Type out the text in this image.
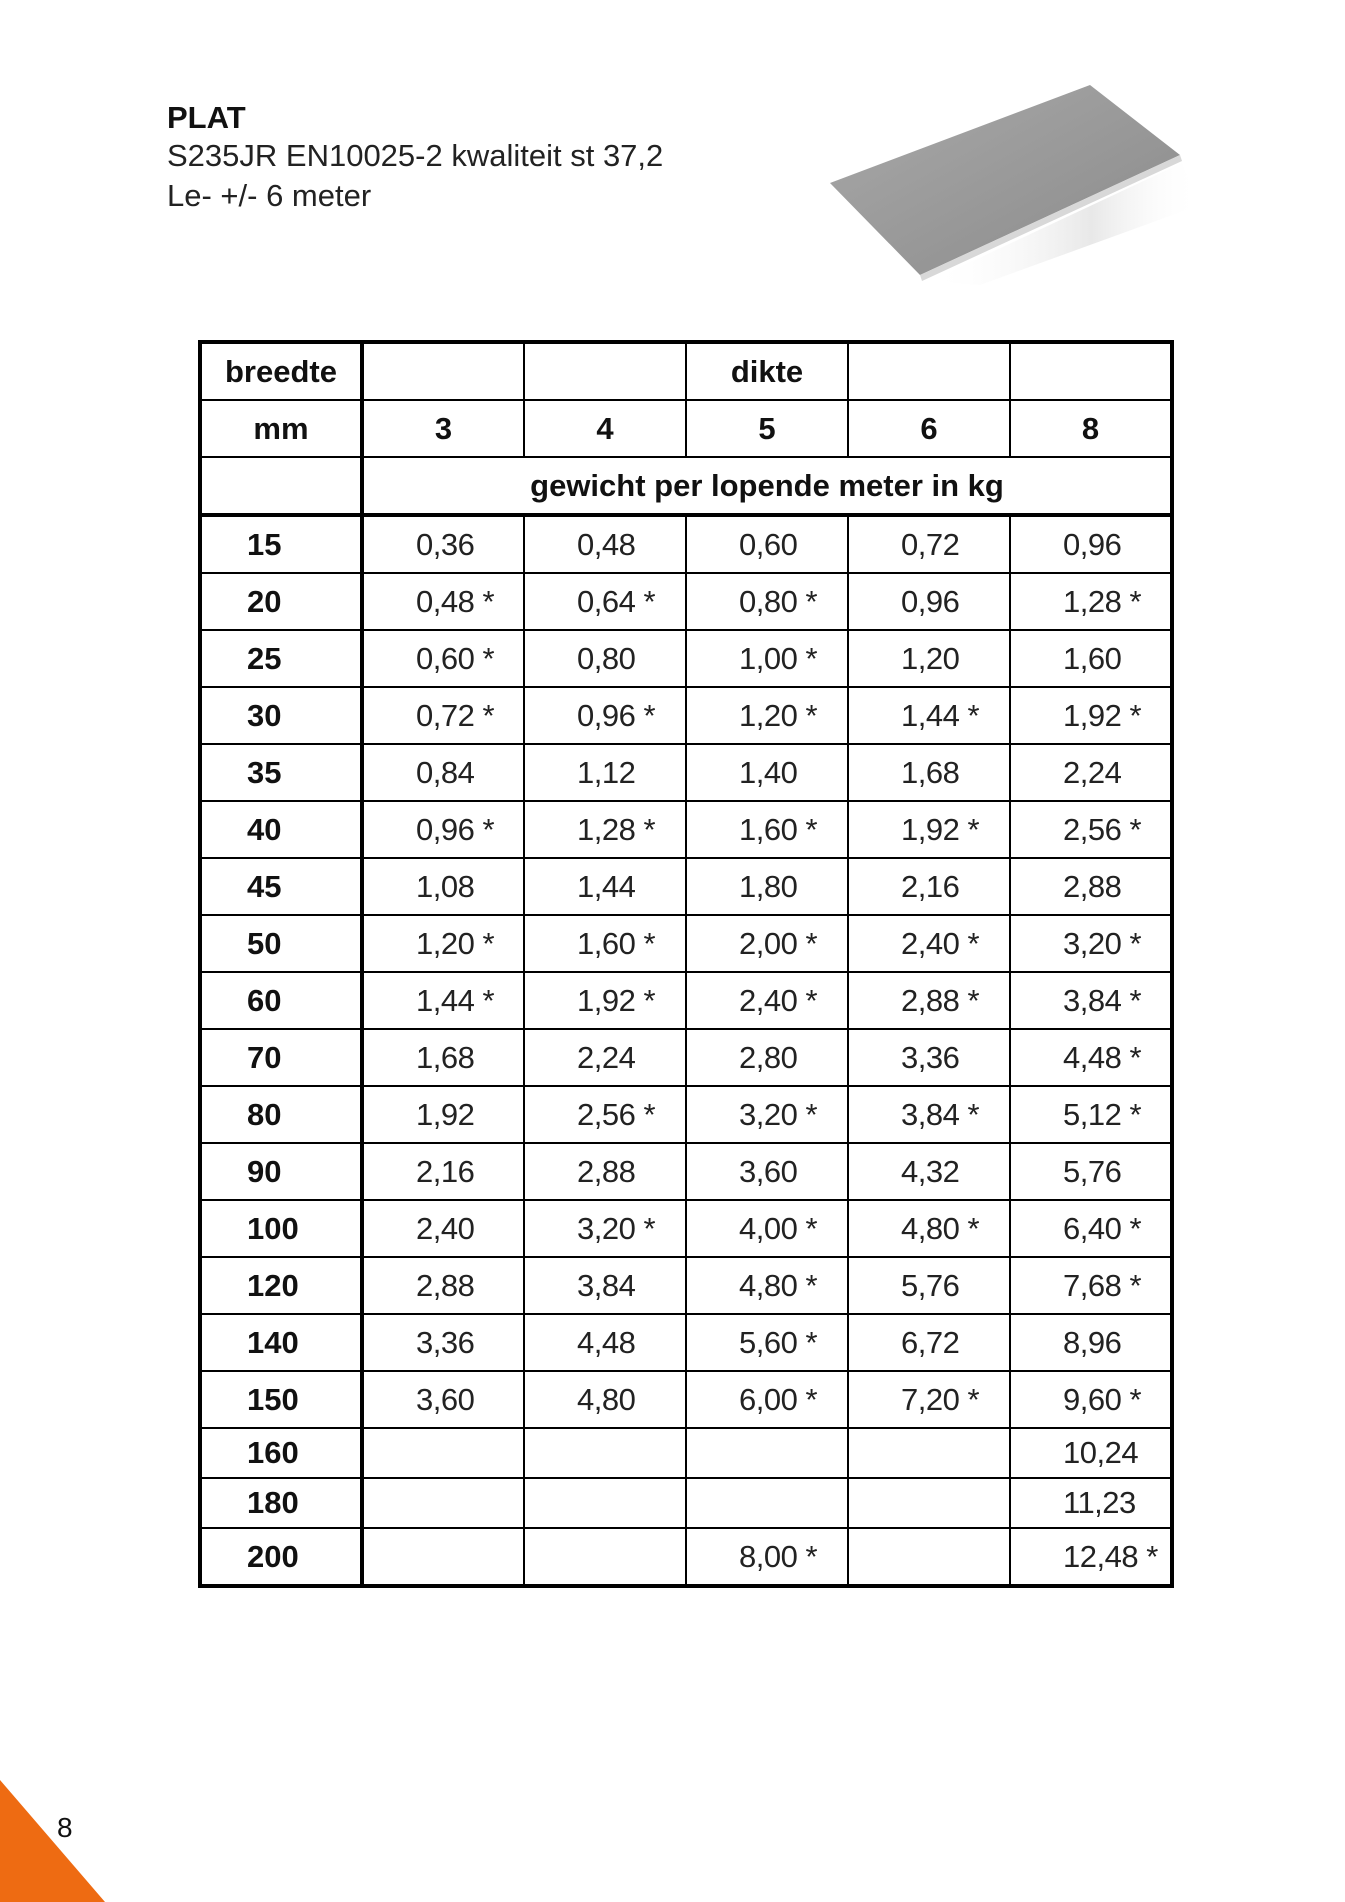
PLAT

S235JR EN10025-2 kwaliteit st 37,2

Le- +/- 6 meter

breedte			dikte		
mm	3	4	5	6	8
	gewicht per lopende meter in kg				
15	0,36	0,48	0,60	0,72	0,96
20	0,48 *	0,64 *	0,80 *	0,96	1,28 *
25	0,60 *	0,80	1,00 *	1,20	1,60
30	0,72 *	0,96 *	1,20 *	1,44 *	1,92 *
35	0,84	1,12	1,40	1,68	2,24
40	0,96 *	1,28 *	1,60 *	1,92 *	2,56 *
45	1,08	1,44	1,80	2,16	2,88
50	1,20 *	1,60 *	2,00 *	2,40 *	3,20 *
60	1,44 *	1,92 *	2,40 *	2,88 *	3,84 *
70	1,68	2,24	2,80	3,36	4,48 *
80	1,92	2,56 *	3,20 *	3,84 *	5,12 *
90	2,16	2,88	3,60	4,32	5,76
100	2,40	3,20 *	4,00 *	4,80 *	6,40 *
120	2,88	3,84	4,80 *	5,76	7,68 *
140	3,36	4,48	5,60 *	6,72	8,96
150	3,60	4,80	6,00 *	7,20 *	9,60 *
160					10,24
180					11,23
200			8,00 *		12,48 *
8
